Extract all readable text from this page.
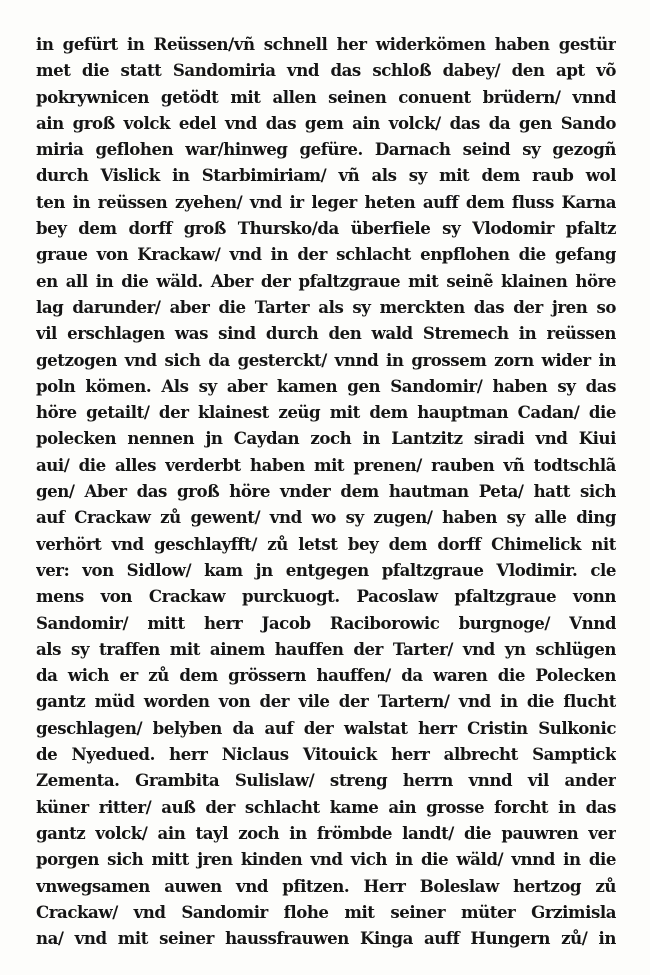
in gefürt in Reüssen/vñ schnell her widerkömen haben gestür
met die statt Sandomiria vnd das schloß dabey/ den apt võ
pokrywnicen getödt mit allen seinen conuent brüdern/ vnnd
ain groß volck edel vnd das gem ain volck/ das da gen Sando
miria geflohen war/hinweg gefüre. Darnach seind sy gezogñ
durch Vislick in Starbimiriam/ vñ als sy mit dem raub wol
ten in reüssen zyehen/ vnd ir leger heten auff dem fluss Karna
bey dem dorff groß Thursko/da überfiele sy Vlodomir pfaltz
graue von Krackaw/ vnd in der schlacht enpflohen die gefang
en all in die wäld. Aber der pfaltzgraue mit seinẽ klainen höre
lag darunder/ aber die Tarter als sy merckten das der jren so
vil erschlagen was sind durch den wald Stremech in reüssen
getzogen vnd sich da gesterckt/ vnnd in grossem zorn wider in
poln kömen. Als sy aber kamen gen Sandomir/ haben sy das
höre getailt/ der klainest zeüg mit dem hauptman Cadan/ die
polecken nennen jn Caydan zoch in Lantzitz siradi vnd Kiui
aui/ die alles verderbt haben mit prenen/ rauben vñ todtschlã
gen/ Aber das groß höre vnder dem hautman Peta/ hatt sich
auf Crackaw zů gewent/ vnd wo sy zugen/ haben sy alle ding
verhört vnd geschlayfft/ zů letst bey dem dorff Chimelick nit
ver: von Sidlow/ kam jn entgegen pfaltzgraue Vlodimir. cle
mens von Crackaw purckuogt. Pacoslaw pfaltzgraue vonn
Sandomir/ mitt herr Jacob Raciborowic burgnoge/ Vnnd
als sy traffen mit ainem hauffen der Tarter/ vnd yn schlügen
da wich er zů dem grössern hauffen/ da waren die Polecken
gantz müd worden von der vile der Tartern/ vnd in die flucht
geschlagen/ belyben da auf der walstat herr Cristin Sulkonic
de Nyedued. herr Niclaus Vitouick herr albrecht Samptick
Zementa. Grambita Sulislaw/ streng herrn vnnd vil ander
küner ritter/ auß der schlacht kame ain grosse forcht in das
gantz volck/ ain tayl zoch in frömbde landt/ die pauwren ver
porgen sich mitt jren kinden vnd vich in die wäld/ vnnd in die
vnwegsamen auwen vnd pfitzen. Herr Boleslaw hertzog zů
Crackaw/ vnd Sandomir flohe mit seiner müter Grzimisla
na/ vnd mit seiner haussfrauwen Kinga auff Hungern zů/ in
